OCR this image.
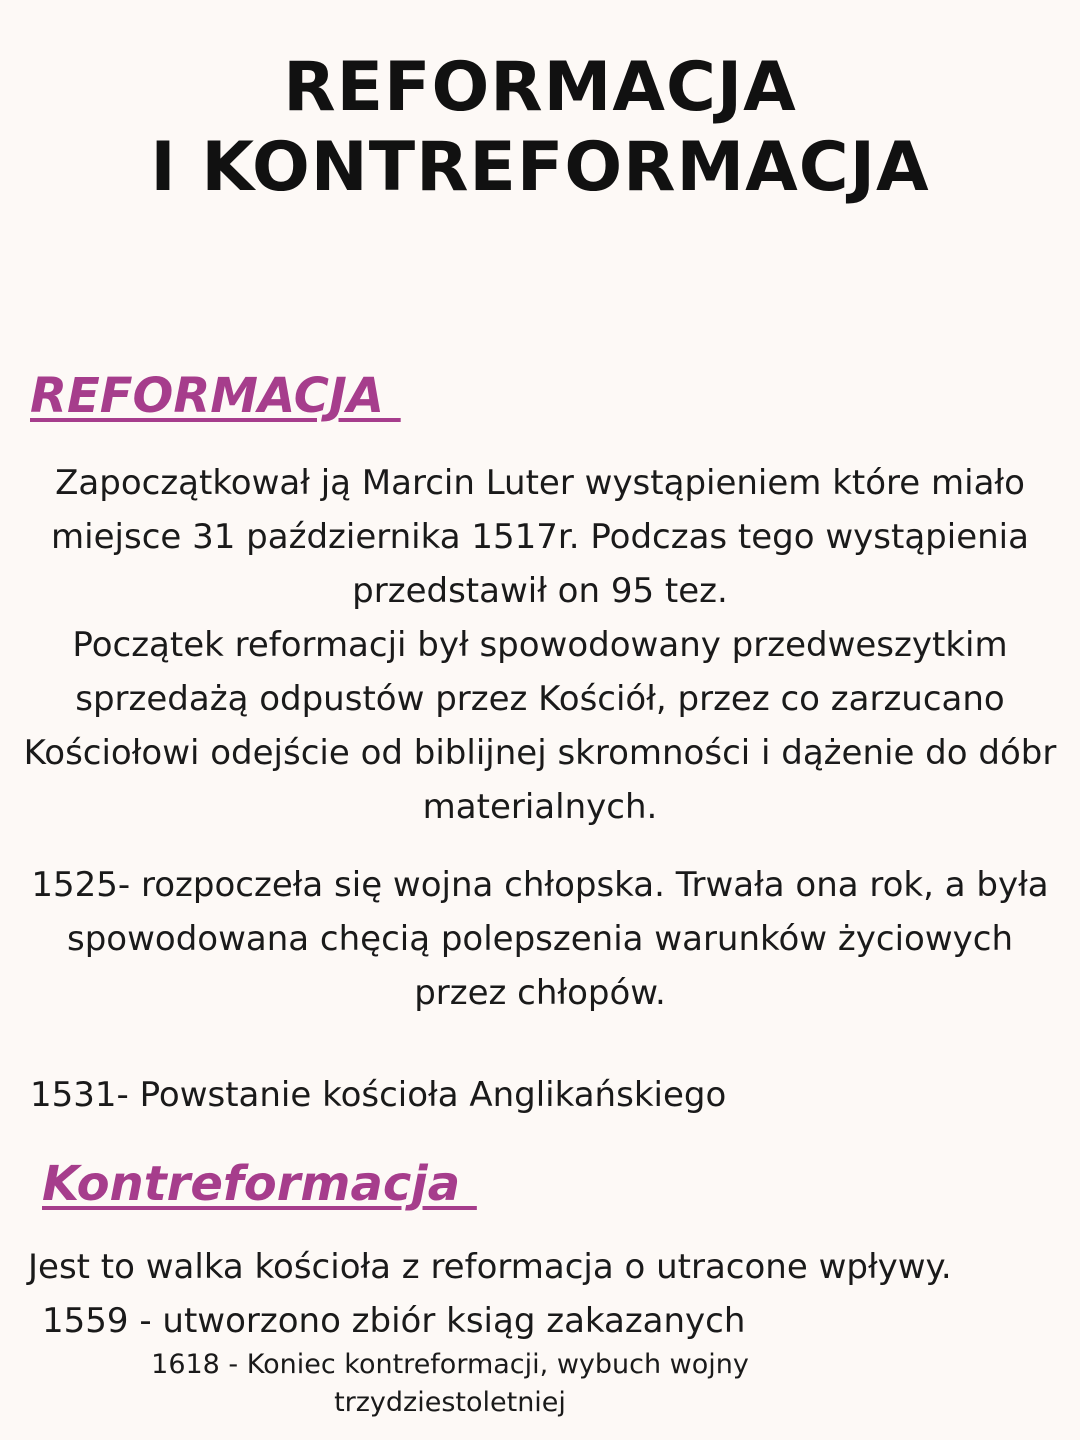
REFORMACJA
I KONTREFORMACJA
REFORMACJA
Zapoczątkował ją Marcin Luter wystąpieniem które miało miejsce 31 października 1517r. Podczas tego wystąpienia przedstawił on 95 tez.
Początek reformacji był spowodowany przedweszytkim sprzedażą odpustów przez Kościół, przez co zarzucano Kościołowi odejście od biblijnej skromności i dążenie do dóbr materialnych.
1525- rozpoczeła się wojna chłopska. Trwała ona rok, a była spowodowana chęcią polepszenia warunków życiowych przez chłopów.
1531- Powstanie kościoła Anglikańskiego
Kontreformacja
Jest to walka kościoła z reformacja o utracone wpływy.
1559 - utworzono zbiór ksiąg zakazanych
1618 - Koniec kontreformacji, wybuch wojny trzydziestoletniej
